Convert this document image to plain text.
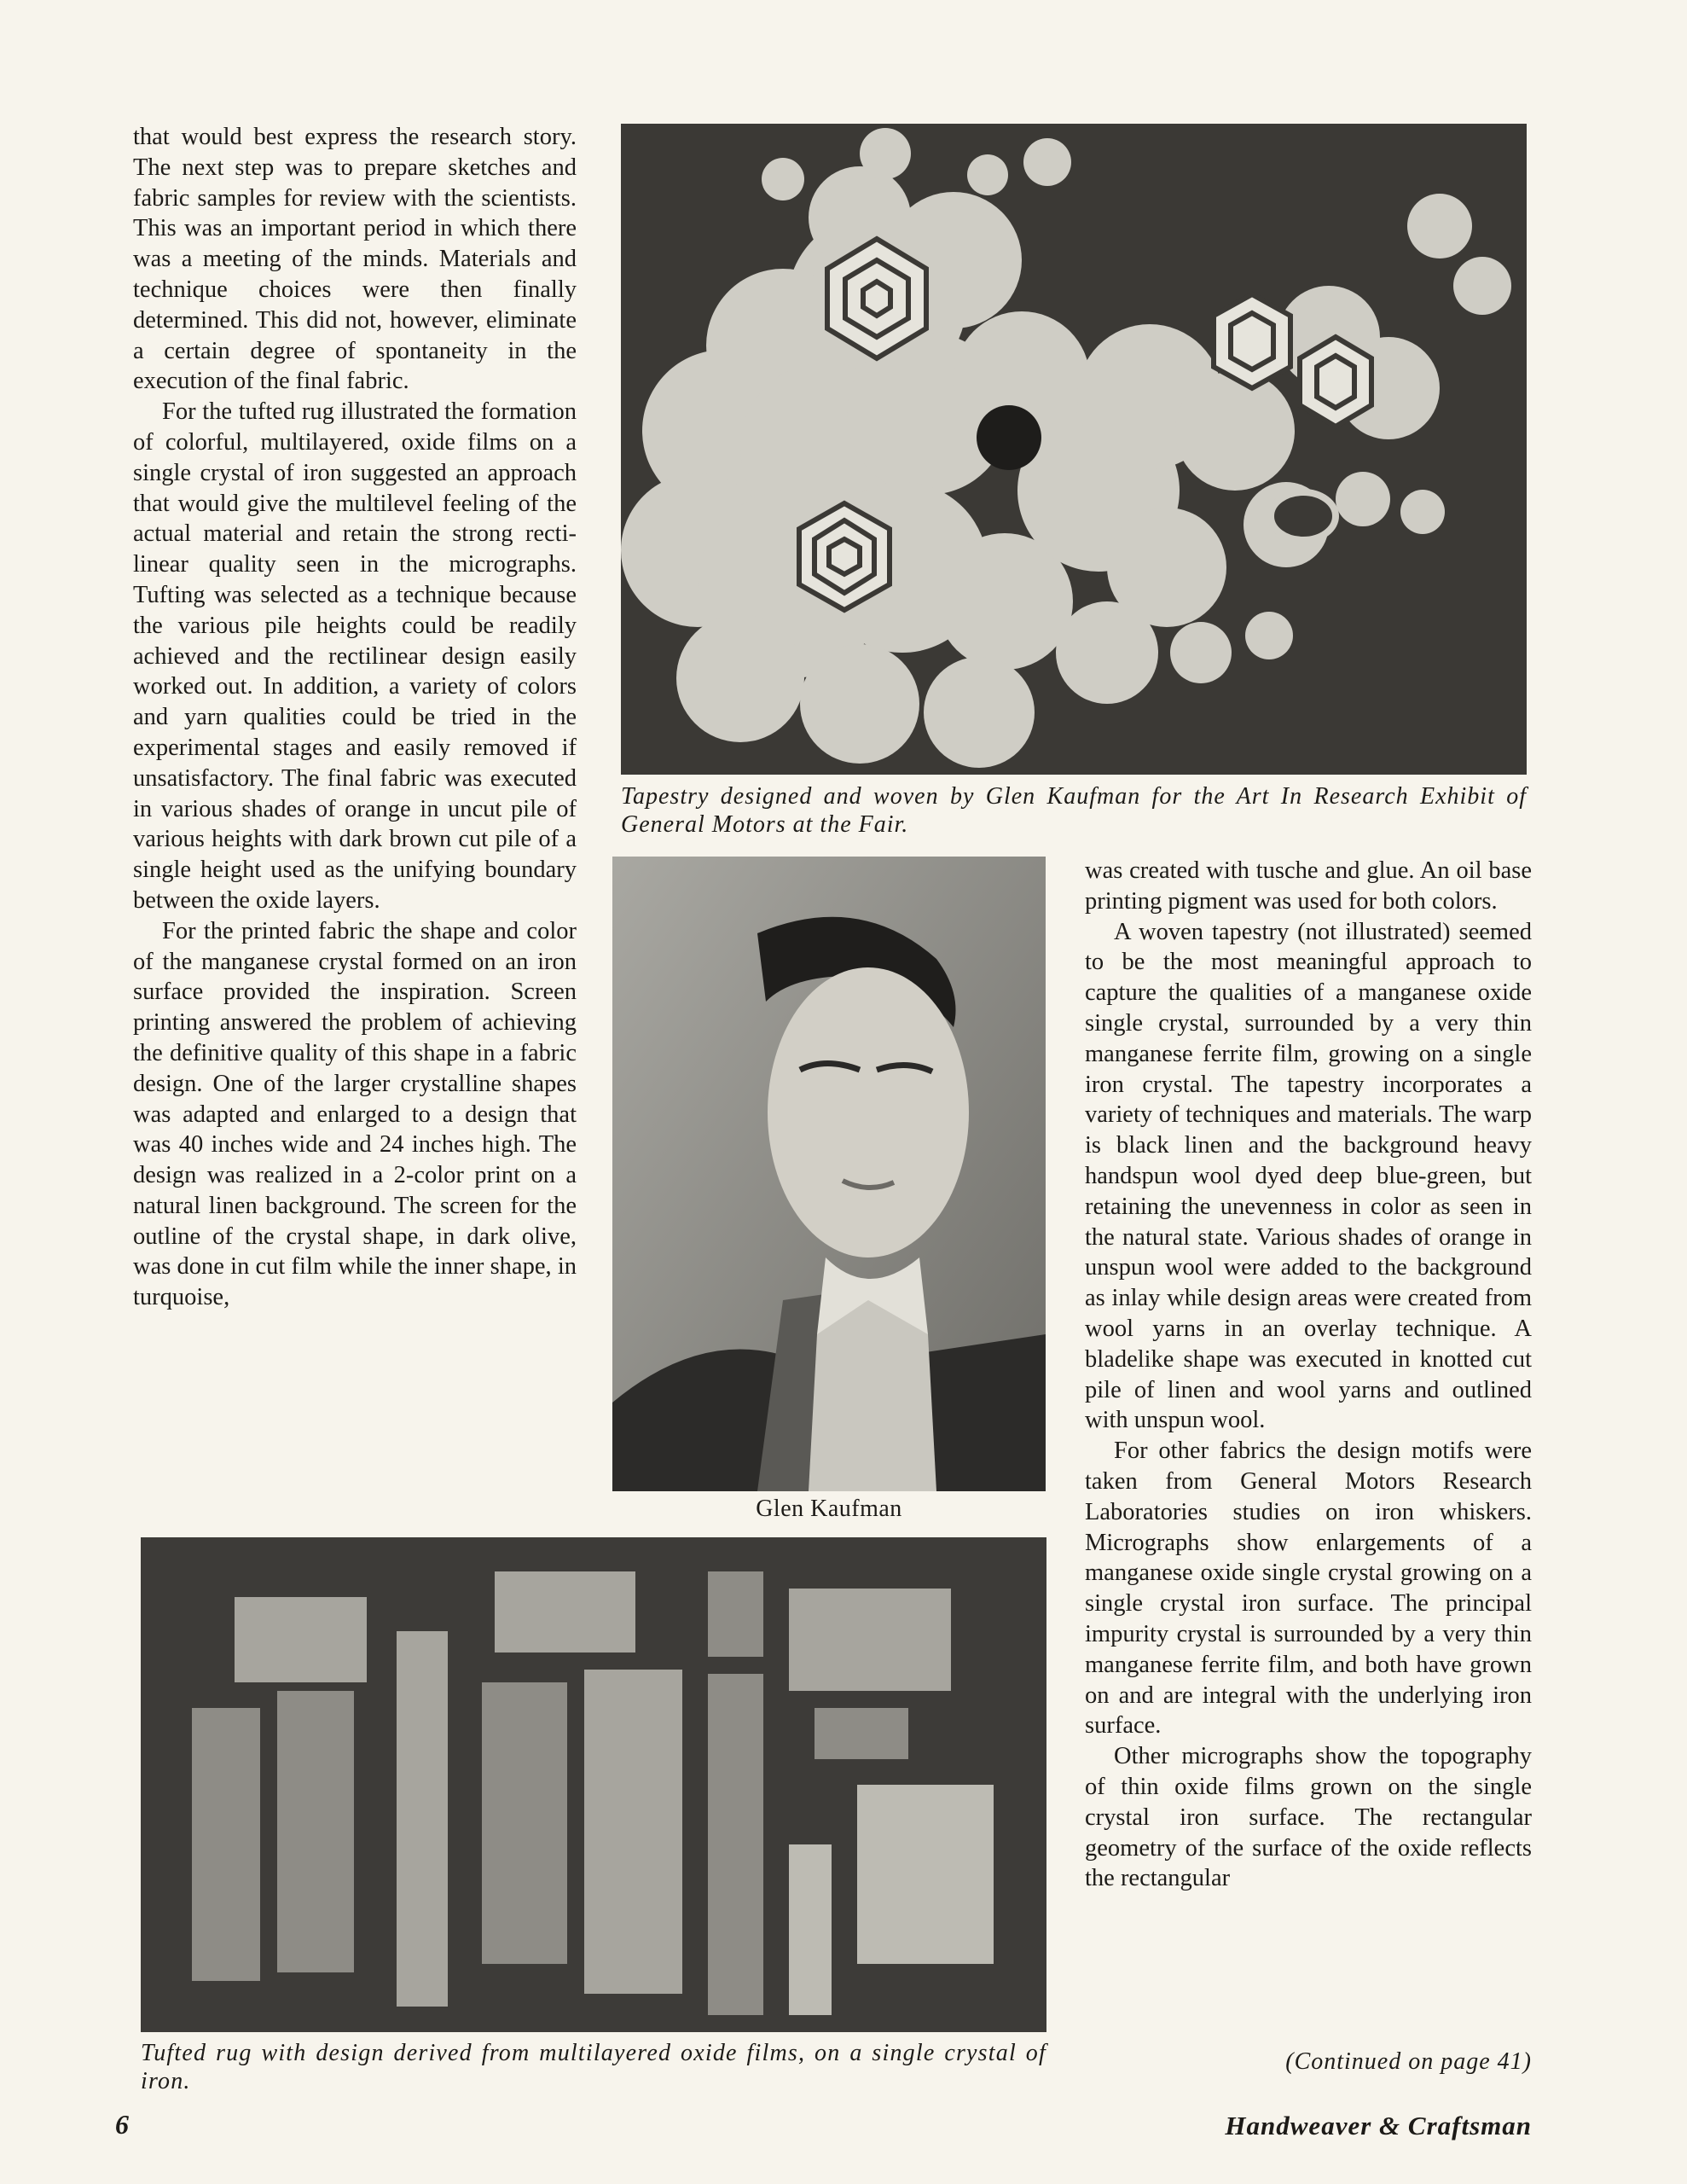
that would best express the research story. The next step was to prepare sketches and fabric samples for review with the scientists. This was an important period in which there was a meeting of the minds. Materials and technique choices were then finally determined. This did not, however, eliminate a certain degree of spontaneity in the execution of the final fabric.

For the tufted rug illustrated the formation of colorful, multilayered, oxide films on a single crystal of iron suggested an approach that would give the multilevel feeling of the actual material and retain the strong rectilinear quality seen in the micrographs. Tufting was selected as a technique because the various pile heights could be readily achieved and the rectilinear design easily worked out. In addition, a variety of colors and yarn qualities could be tried in the experimental stages and easily removed if unsatisfactory. The final fabric was executed in various shades of orange in uncut pile of various heights with dark brown cut pile of a single height used as the unifying boundary between the oxide layers.

For the printed fabric the shape and color of the manganese crystal formed on an iron surface provided the inspiration. Screen printing answered the problem of achieving the definitive quality of this shape in a fabric design. One of the larger crystalline shapes was adapted and enlarged to a design that was 40 inches wide and 24 inches high. The design was realized in a 2-color print on a natural linen background. The screen for the outline of the crystal shape, in dark olive, was done in cut film while the inner shape, in turquoise,

Tapestry designed and woven by Glen Kaufman for the Art In Research Exhibit of General Motors at the Fair.
Glen Kaufman

was created with tusche and glue. An oil base printing pigment was used for both colors.

A woven tapestry (not illustrated) seemed to be the most meaningful approach to capture the qualities of a manganese oxide single crystal, surrounded by a very thin manganese ferrite film, growing on a single iron crystal. The tapestry incorporates a variety of techniques and materials. The warp is black linen and the background heavy handspun wool dyed deep blue-green, but retaining the unevenness in color as seen in the natural state. Various shades of orange in unspun wool were added to the background as inlay while design areas were created from wool yarns in an overlay technique. A bladelike shape was executed in knotted cut pile of linen and wool yarns and outlined with unspun wool.

For other fabrics the design motifs were taken from General Motors Research Laboratories studies on iron whiskers. Micrographs show enlargements of a manganese oxide single crystal growing on a single crystal iron surface. The principal impurity crystal is surrounded by a very thin manganese ferrite film, and both have grown on and are integral with the underlying iron surface.

Other micrographs show the topography of thin oxide films grown on the single crystal iron surface. The rectangular geometry of the surface of the oxide reflects the rectangular

(Continued on page 41)
Tufted rug with design derived from multilayered oxide films, on a single crystal of iron.
6	Handweaver & Craftsman
